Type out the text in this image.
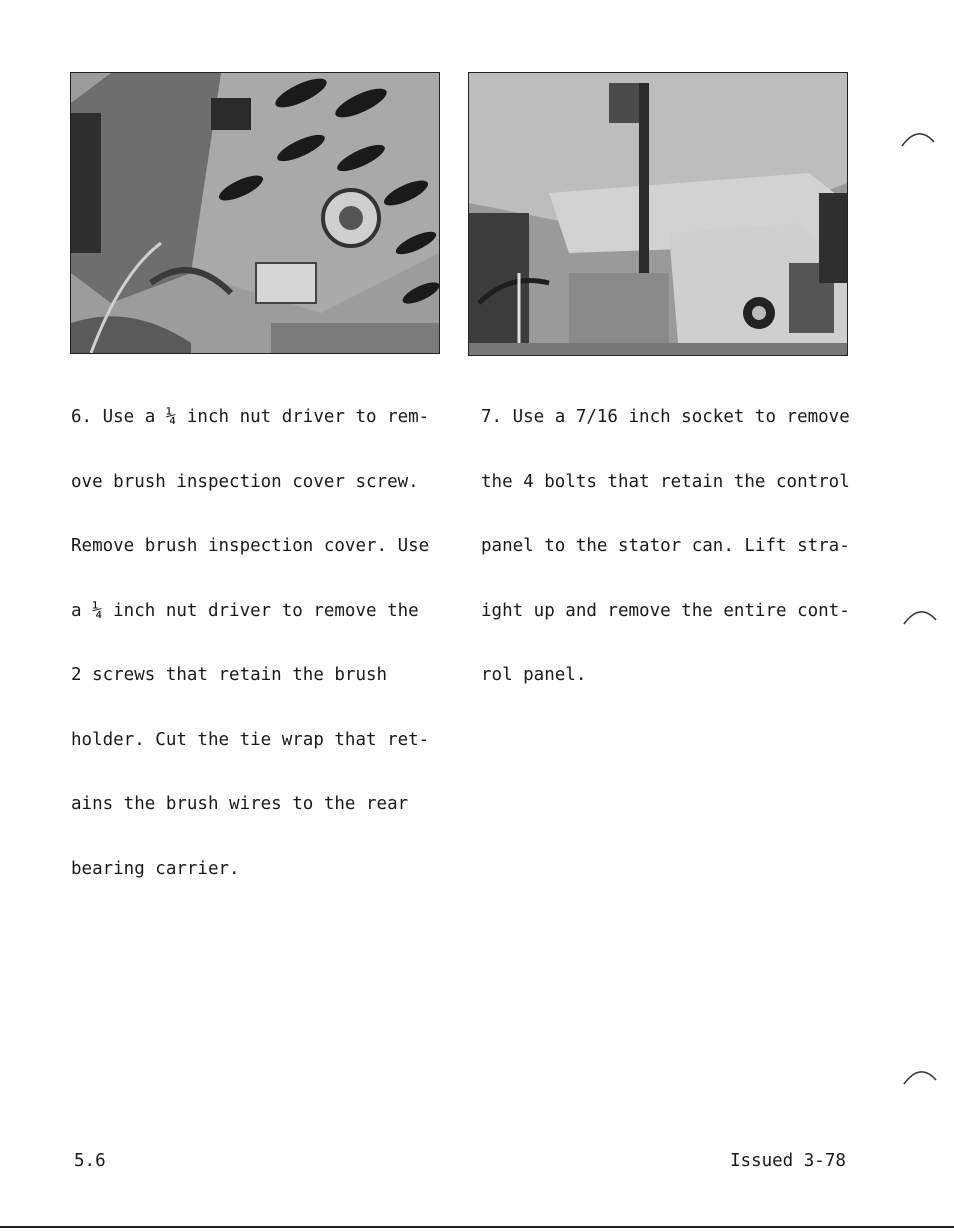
6. Use a ¼ inch nut driver to rem-

ove brush inspection cover screw.

Remove brush inspection cover. Use

a ¼ inch nut driver to remove the

2 screws that retain the brush

holder. Cut the tie wrap that ret-

ains the brush wires to the rear

bearing carrier.

7. Use a 7/16 inch socket to remove

the 4 bolts that retain the control

panel to the stator can. Lift stra-

ight up and remove the entire cont-

rol panel.

5.6	Issued 3-78
